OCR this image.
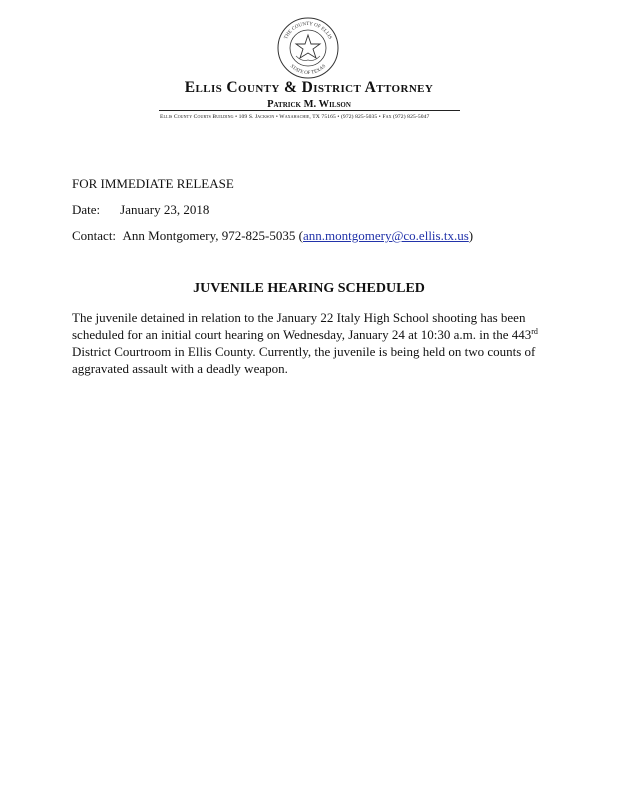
THE COUNTY OF ELLIS
STATE OF TEXAS
Ellis County & District Attorney
Patrick M. Wilson
Ellis County Courts Building • 109 S. Jackson • Waxahachie, TX 75165 • (972) 825-5035 • Fax (972) 825-5047
FOR IMMEDIATE RELEASE
Date: January 23, 2018
Contact: Ann Montgomery, 972-825-5035 (ann.montgomery@co.ellis.tx.us)
JUVENILE HEARING SCHEDULED
The juvenile detained in relation to the January 22 Italy High School shooting has been
scheduled for an initial court hearing on Wednesday, January 24 at 10:30 a.m. in the 443rd
District Courtroom in Ellis County. Currently, the juvenile is being held on two counts of
aggravated assault with a deadly weapon.
